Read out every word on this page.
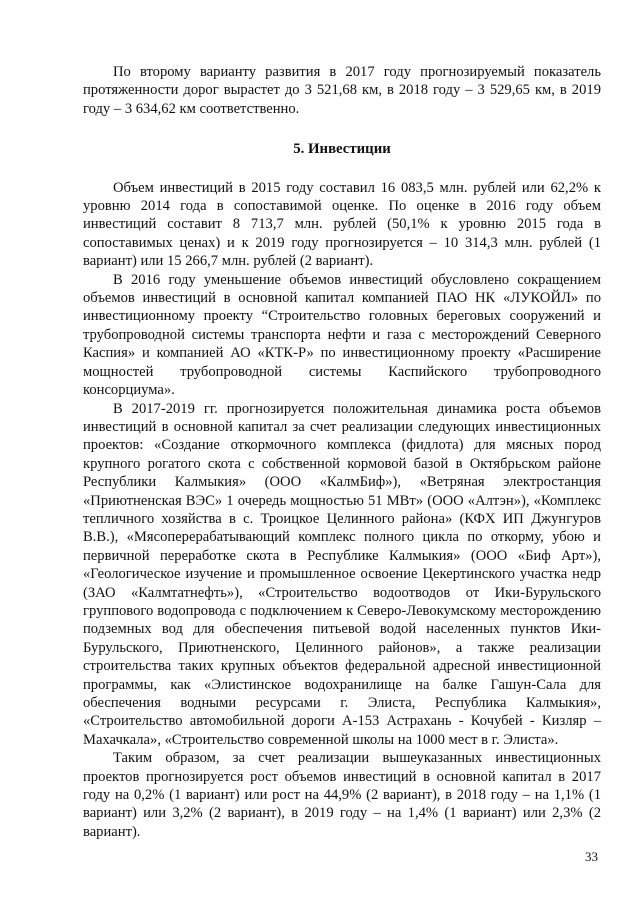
По второму варианту развития в 2017 году прогнозируемый показатель протяженности дорог вырастет до 3 521,68 км, в 2018 году – 3 529,65 км, в 2019 году – 3 634,62 км соответственно.

5. Инвестиции

Объем инвестиций в 2015 году составил 16 083,5 млн. рублей или 62,2% к уровню 2014 года в сопоставимой оценке. По оценке в 2016 году объем инвестиций составит 8 713,7 млн. рублей (50,1% к уровню 2015 года в сопоставимых ценах) и к 2019 году прогнозируется – 10 314,3 млн. рублей (1 вариант) или 15 266,7 млн. рублей (2 вариант).

В 2016 году уменьшение объемов инвестиций обусловлено сокращением объемов инвестиций в основной капитал компанией ПАО НК «ЛУКОЙЛ» по инвестиционному проекту “Строительство головных береговых сооружений и трубопроводной системы транспорта нефти и газа с месторождений Северного Каспия» и компанией АО «КТК-Р» по инвестиционному проекту «Расширение мощностей трубопроводной системы Каспийского трубопроводного консорциума».

В 2017-2019 гг. прогнозируется положительная динамика роста объемов инвестиций в основной капитал за счет реализации следующих инвестиционных проектов: «Создание откормочного комплекса (фидлота) для мясных пород крупного рогатого скота с собственной кормовой базой в Октябрьском районе Республики Калмыкия» (ООО «КалмБиф»), «Ветряная электростанция «Приютненская ВЭС» 1 очередь мощностью 51 МВт» (ООО «Алтэн»), «Комплекс тепличного хозяйства в с. Троицкое Целинного района» (КФХ ИП Джунгуров В.В.), «Мясоперерабатывающий комплекс полного цикла по откорму, убою и первичной переработке скота в Республике Калмыкия» (ООО «Биф Арт»), «Геологическое изучение и промышленное освоение Цекертинского участка недр (ЗАО «Калмтатнефть»), «Строительство водоотводов от Ики-Бурульского группового водопровода с подключением к Северо-Левокумскому месторождению подземных вод для обеспечения питьевой водой населенных пунктов Ики-Бурульского, Приютненского, Целинного районов», а также реализации строительства таких крупных объектов федеральной адресной инвестиционной программы, как «Элистинское водохранилище на балке Гашун-Сала для обеспечения водными ресурсами г. Элиста, Республика Калмыкия», «Строительство автомобильной дороги А-153 Астрахань - Кочубей - Кизляр – Махачкала», «Строительство современной школы на 1000 мест в г. Элиста».

Таким образом, за счет реализации вышеуказанных инвестиционных проектов прогнозируется рост объемов инвестиций в основной капитал в 2017 году на 0,2% (1 вариант) или рост на 44,9% (2 вариант), в 2018 году – на 1,1% (1 вариант) или 3,2% (2 вариант), в 2019 году – на 1,4% (1 вариант) или 2,3% (2 вариант).

33
